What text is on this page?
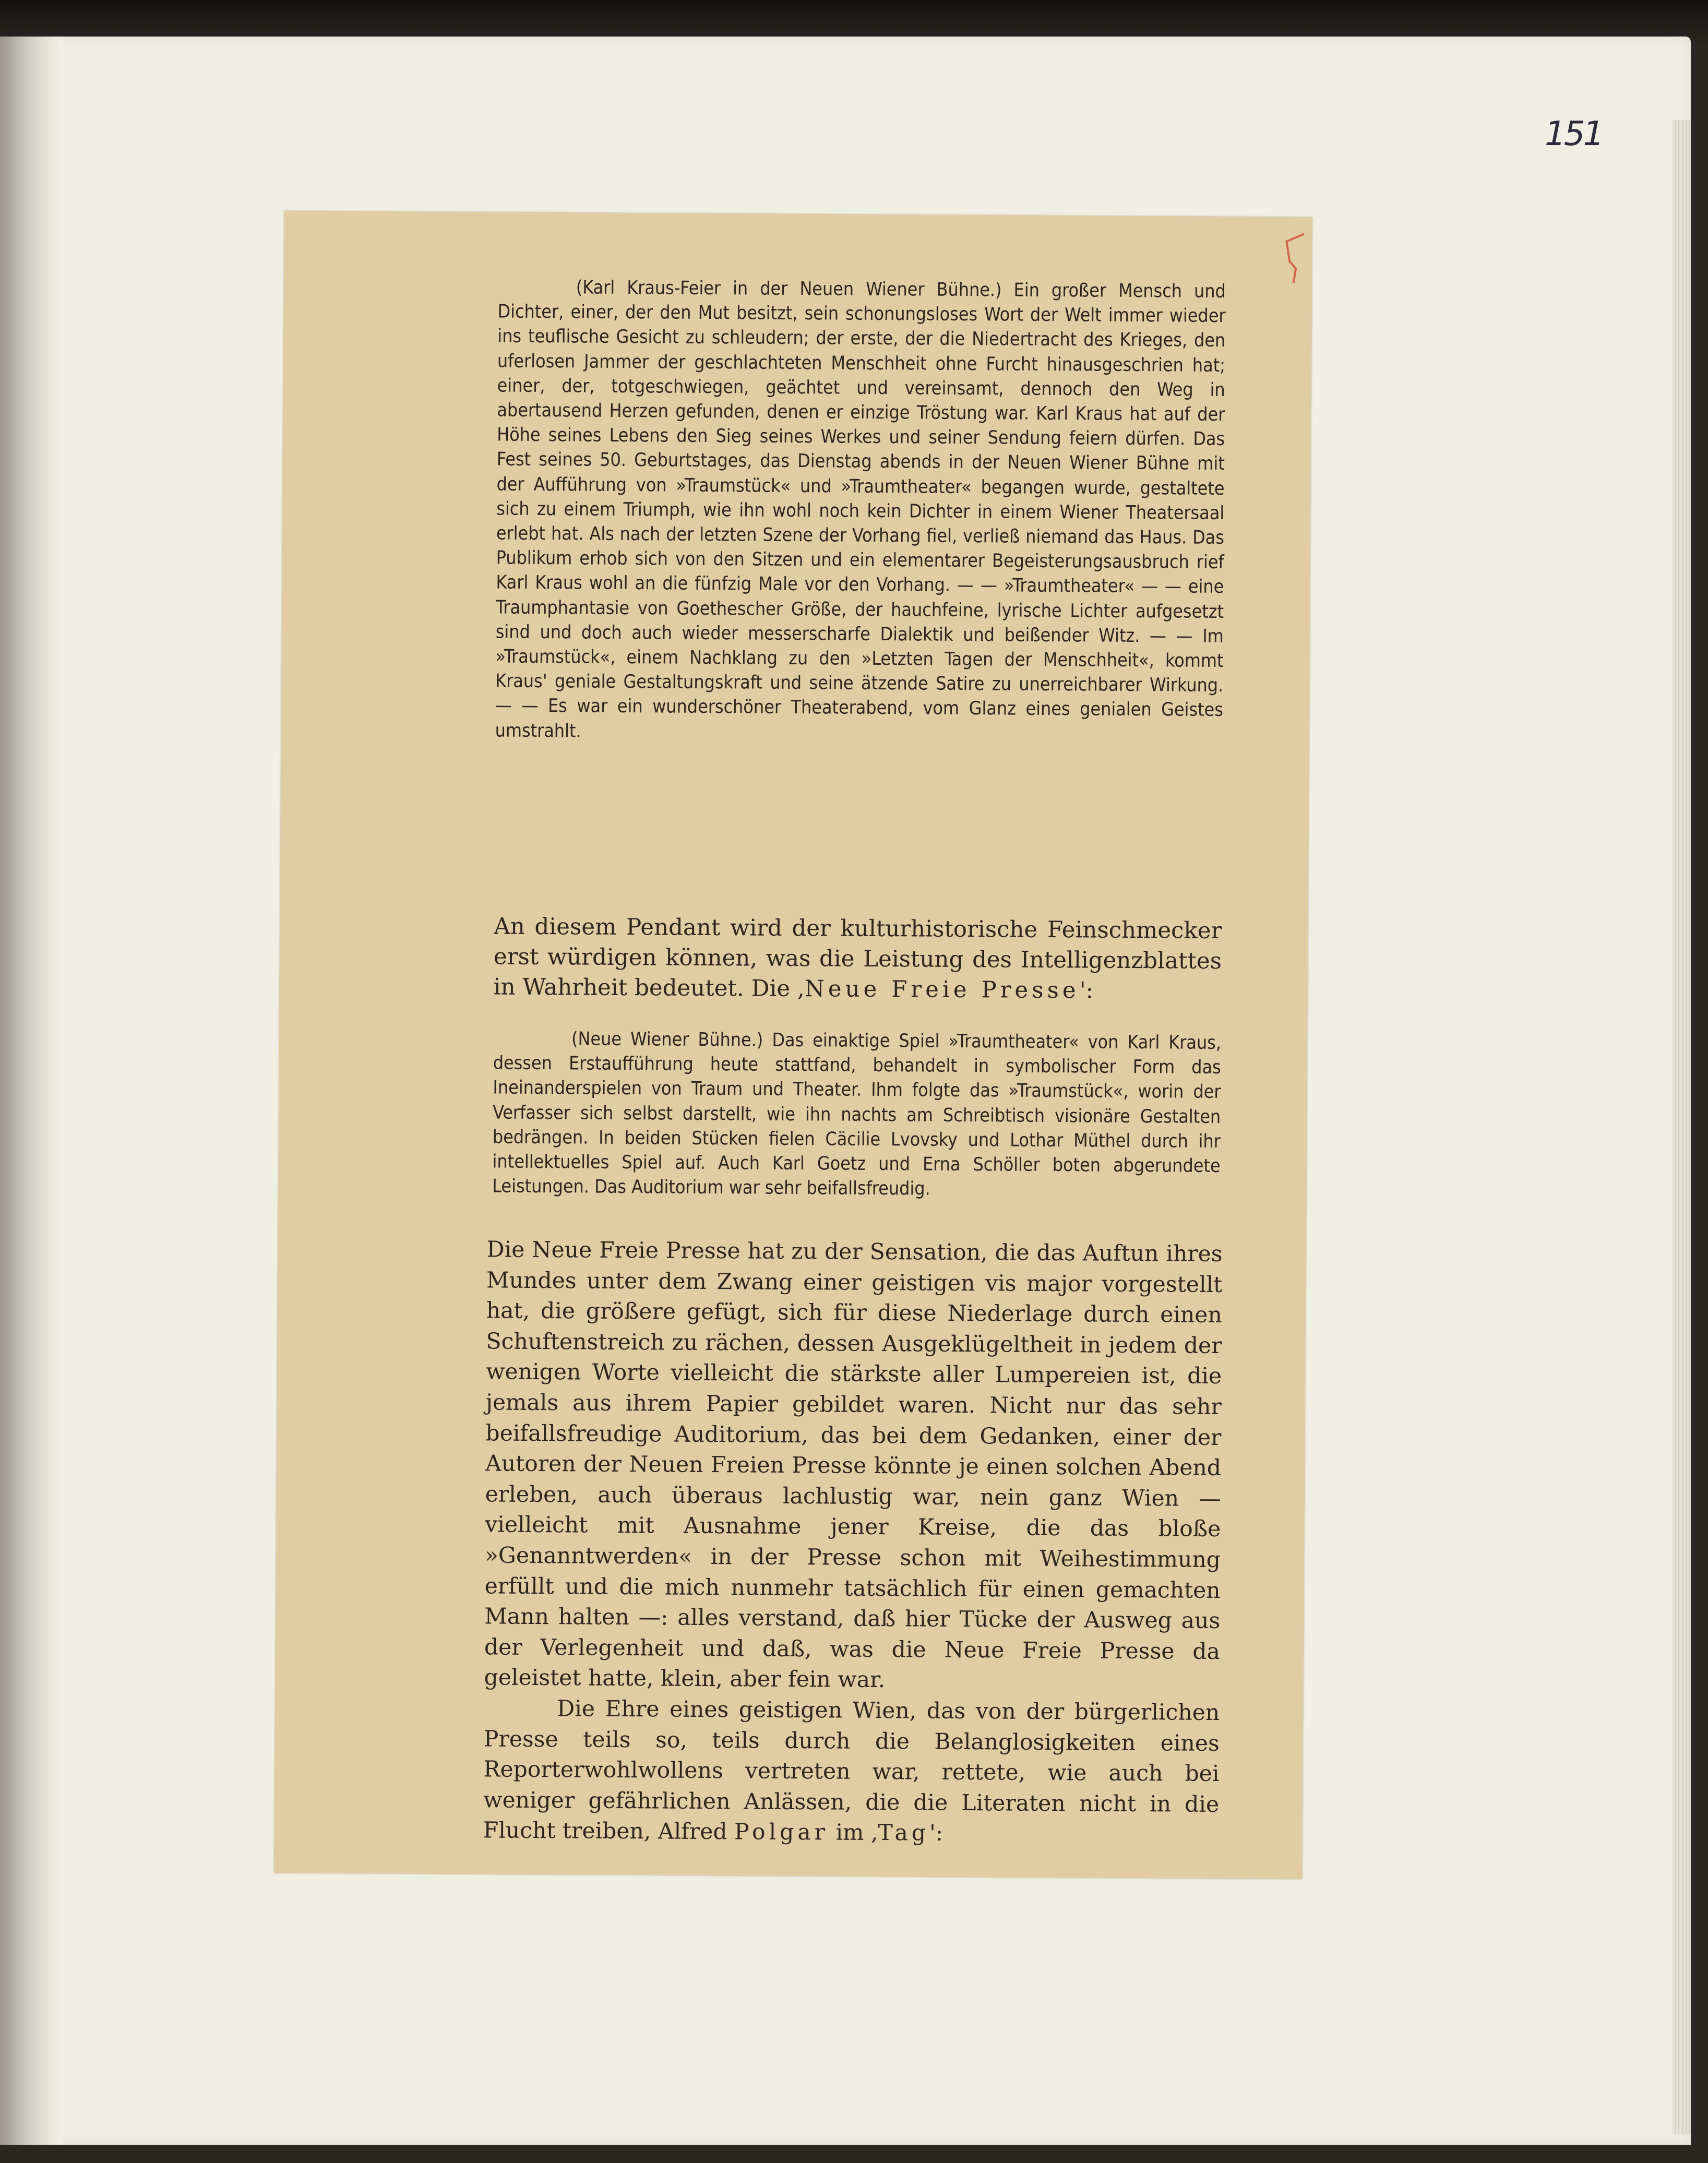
151

(Karl Kraus-Feier in der Neuen Wiener Bühne.) Ein großer Mensch und Dichter, einer, der den Mut besitzt, sein schonungsloses Wort der Welt immer wieder ins teuflische Gesicht zu schleudern; der erste, der die Niedertracht des Krieges, den uferlosen Jammer der geschlachteten Menschheit ohne Furcht hinausgeschrien hat; einer, der, totgeschwiegen, geächtet und vereinsamt, dennoch den Weg in abertausend Herzen gefunden, denen er einzige Tröstung war. Karl Kraus hat auf der Höhe seines Lebens den Sieg seines Werkes und seiner Sendung feiern dürfen. Das Fest seines 50. Geburtstages, das Dienstag abends in der Neuen Wiener Bühne mit der Aufführung von »Traumstück« und »Traumtheater« begangen wurde, gestaltete sich zu einem Triumph, wie ihn wohl noch kein Dichter in einem Wiener Theatersaal erlebt hat. Als nach der letzten Szene der Vorhang fiel, verließ niemand das Haus. Das Publikum erhob sich von den Sitzen und ein elementarer Begeisterungsausbruch rief Karl Kraus wohl an die fünfzig Male vor den Vorhang. — — »Traumtheater« — — eine Traumphantasie von Goethescher Größe, der hauchfeine, lyrische Lichter aufgesetzt sind und doch auch wieder messerscharfe Dialektik und beißender Witz. — — Im »Traumstück«, einem Nachklang zu den »Letzten Tagen der Menschheit«, kommt Kraus' geniale Gestaltungskraft und seine ätzende Satire zu unerreichbarer Wirkung. — — Es war ein wunderschöner Theaterabend, vom Glanz eines genialen Geistes umstrahlt.

An diesem Pendant wird der kulturhistorische Feinschmecker erst würdigen können, was die Leistung des Intelligenzblattes in Wahrheit bedeutet. Die ,Neue Freie Presse':

(Neue Wiener Bühne.) Das einaktige Spiel »Traumtheater« von Karl Kraus, dessen Erstaufführung heute stattfand, behandelt in symbolischer Form das Ineinanderspielen von Traum und Theater. Ihm folgte das »Traumstück«, worin der Verfasser sich selbst darstellt, wie ihn nachts am Schreibtisch visionäre Gestalten bedrängen. In beiden Stücken fielen Cäcilie Lvovsky und Lothar Müthel durch ihr intellektuelles Spiel auf. Auch Karl Goetz und Erna Schöller boten abgerundete Leistungen. Das Auditorium war sehr beifallsfreudig.

Die Neue Freie Presse hat zu der Sensation, die das Auftun ihres Mundes unter dem Zwang einer geistigen vis major vorgestellt hat, die größere gefügt, sich für diese Niederlage durch einen Schuftenstreich zu rächen, dessen Ausgeklügeltheit in jedem der wenigen Worte vielleicht die stärkste aller Lumpereien ist, die jemals aus ihrem Papier gebildet waren. Nicht nur das sehr beifallsfreudige Auditorium, das bei dem Gedanken, einer der Autoren der Neuen Freien Presse könnte je einen solchen Abend erleben, auch überaus lachlustig war, nein ganz Wien — vielleicht mit Ausnahme jener Kreise, die das bloße »Genanntwerden« in der Presse schon mit Weihestimmung erfüllt und die mich nunmehr tatsächlich für einen gemachten Mann halten —: alles verstand, daß hier Tücke der Ausweg aus der Verlegenheit und daß, was die Neue Freie Presse da geleistet hatte, klein, aber fein war.

Die Ehre eines geistigen Wien, das von der bürgerlichen Presse teils so, teils durch die Belanglosigkeiten eines Reporterwohlwollens vertreten war, rettete, wie auch bei weniger gefährlichen Anlässen, die die Literaten nicht in die Flucht treiben, Alfred Polgar im ,Tag':
